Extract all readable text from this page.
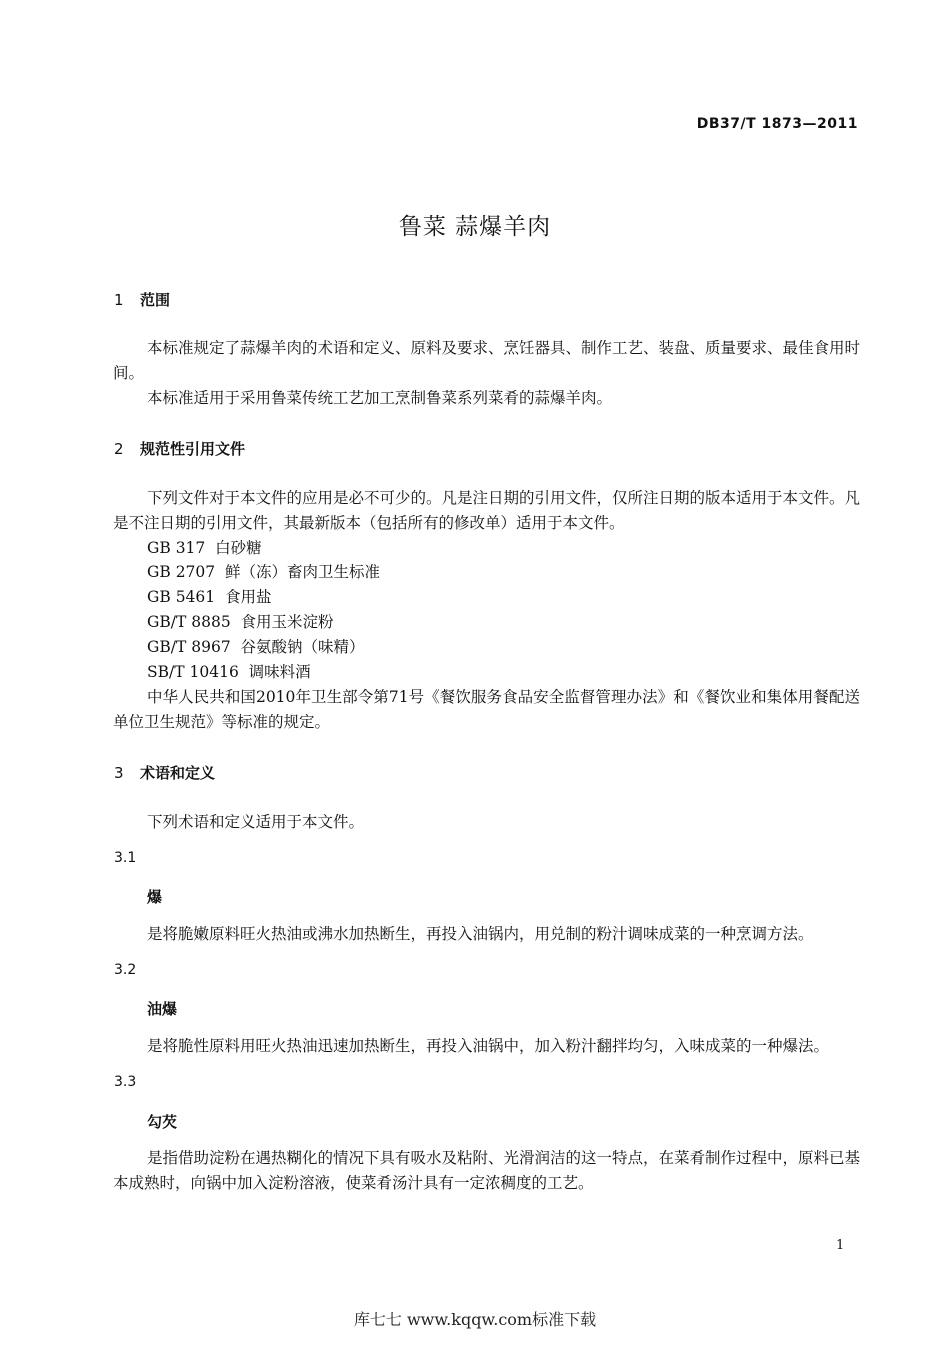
DB37/T 1873—2011
鲁菜 蒜爆羊肉
1 范围
本标准规定了蒜爆羊肉的术语和定义、原料及要求、烹饪器具、制作工艺、装盘、质量要求、最佳食用时间。
本标准适用于采用鲁菜传统工艺加工烹制鲁菜系列菜肴的蒜爆羊肉。
2 规范性引用文件
下列文件对于本文件的应用是必不可少的。凡是注日期的引用文件，仅所注日期的版本适用于本文件。凡是不注日期的引用文件，其最新版本（包括所有的修改单）适用于本文件。
GB 317  白砂糖
GB 2707  鲜（冻）畜肉卫生标准
GB 5461  食用盐
GB/T 8885  食用玉米淀粉
GB/T 8967  谷氨酸钠（味精）
SB/T 10416  调味料酒
中华人民共和国2010年卫生部令第71号《餐饮服务食品安全监督管理办法》和《餐饮业和集体用餐配送单位卫生规范》等标准的规定。
3 术语和定义
下列术语和定义适用于本文件。
3.1
爆
是将脆嫩原料旺火热油或沸水加热断生，再投入油锅内，用兑制的粉汁调味成菜的一种烹调方法。
3.2
油爆
是将脆性原料用旺火热油迅速加热断生，再投入油锅中，加入粉汁翻拌均匀，入味成菜的一种爆法。
3.3
勾芡
是指借助淀粉在遇热糊化的情况下具有吸水及粘附、光滑润洁的这一特点，在菜肴制作过程中，原料已基本成熟时，向锅中加入淀粉溶液，使菜肴汤汁具有一定浓稠度的工艺。
1
库七七 www.kqqw.com标准下载
